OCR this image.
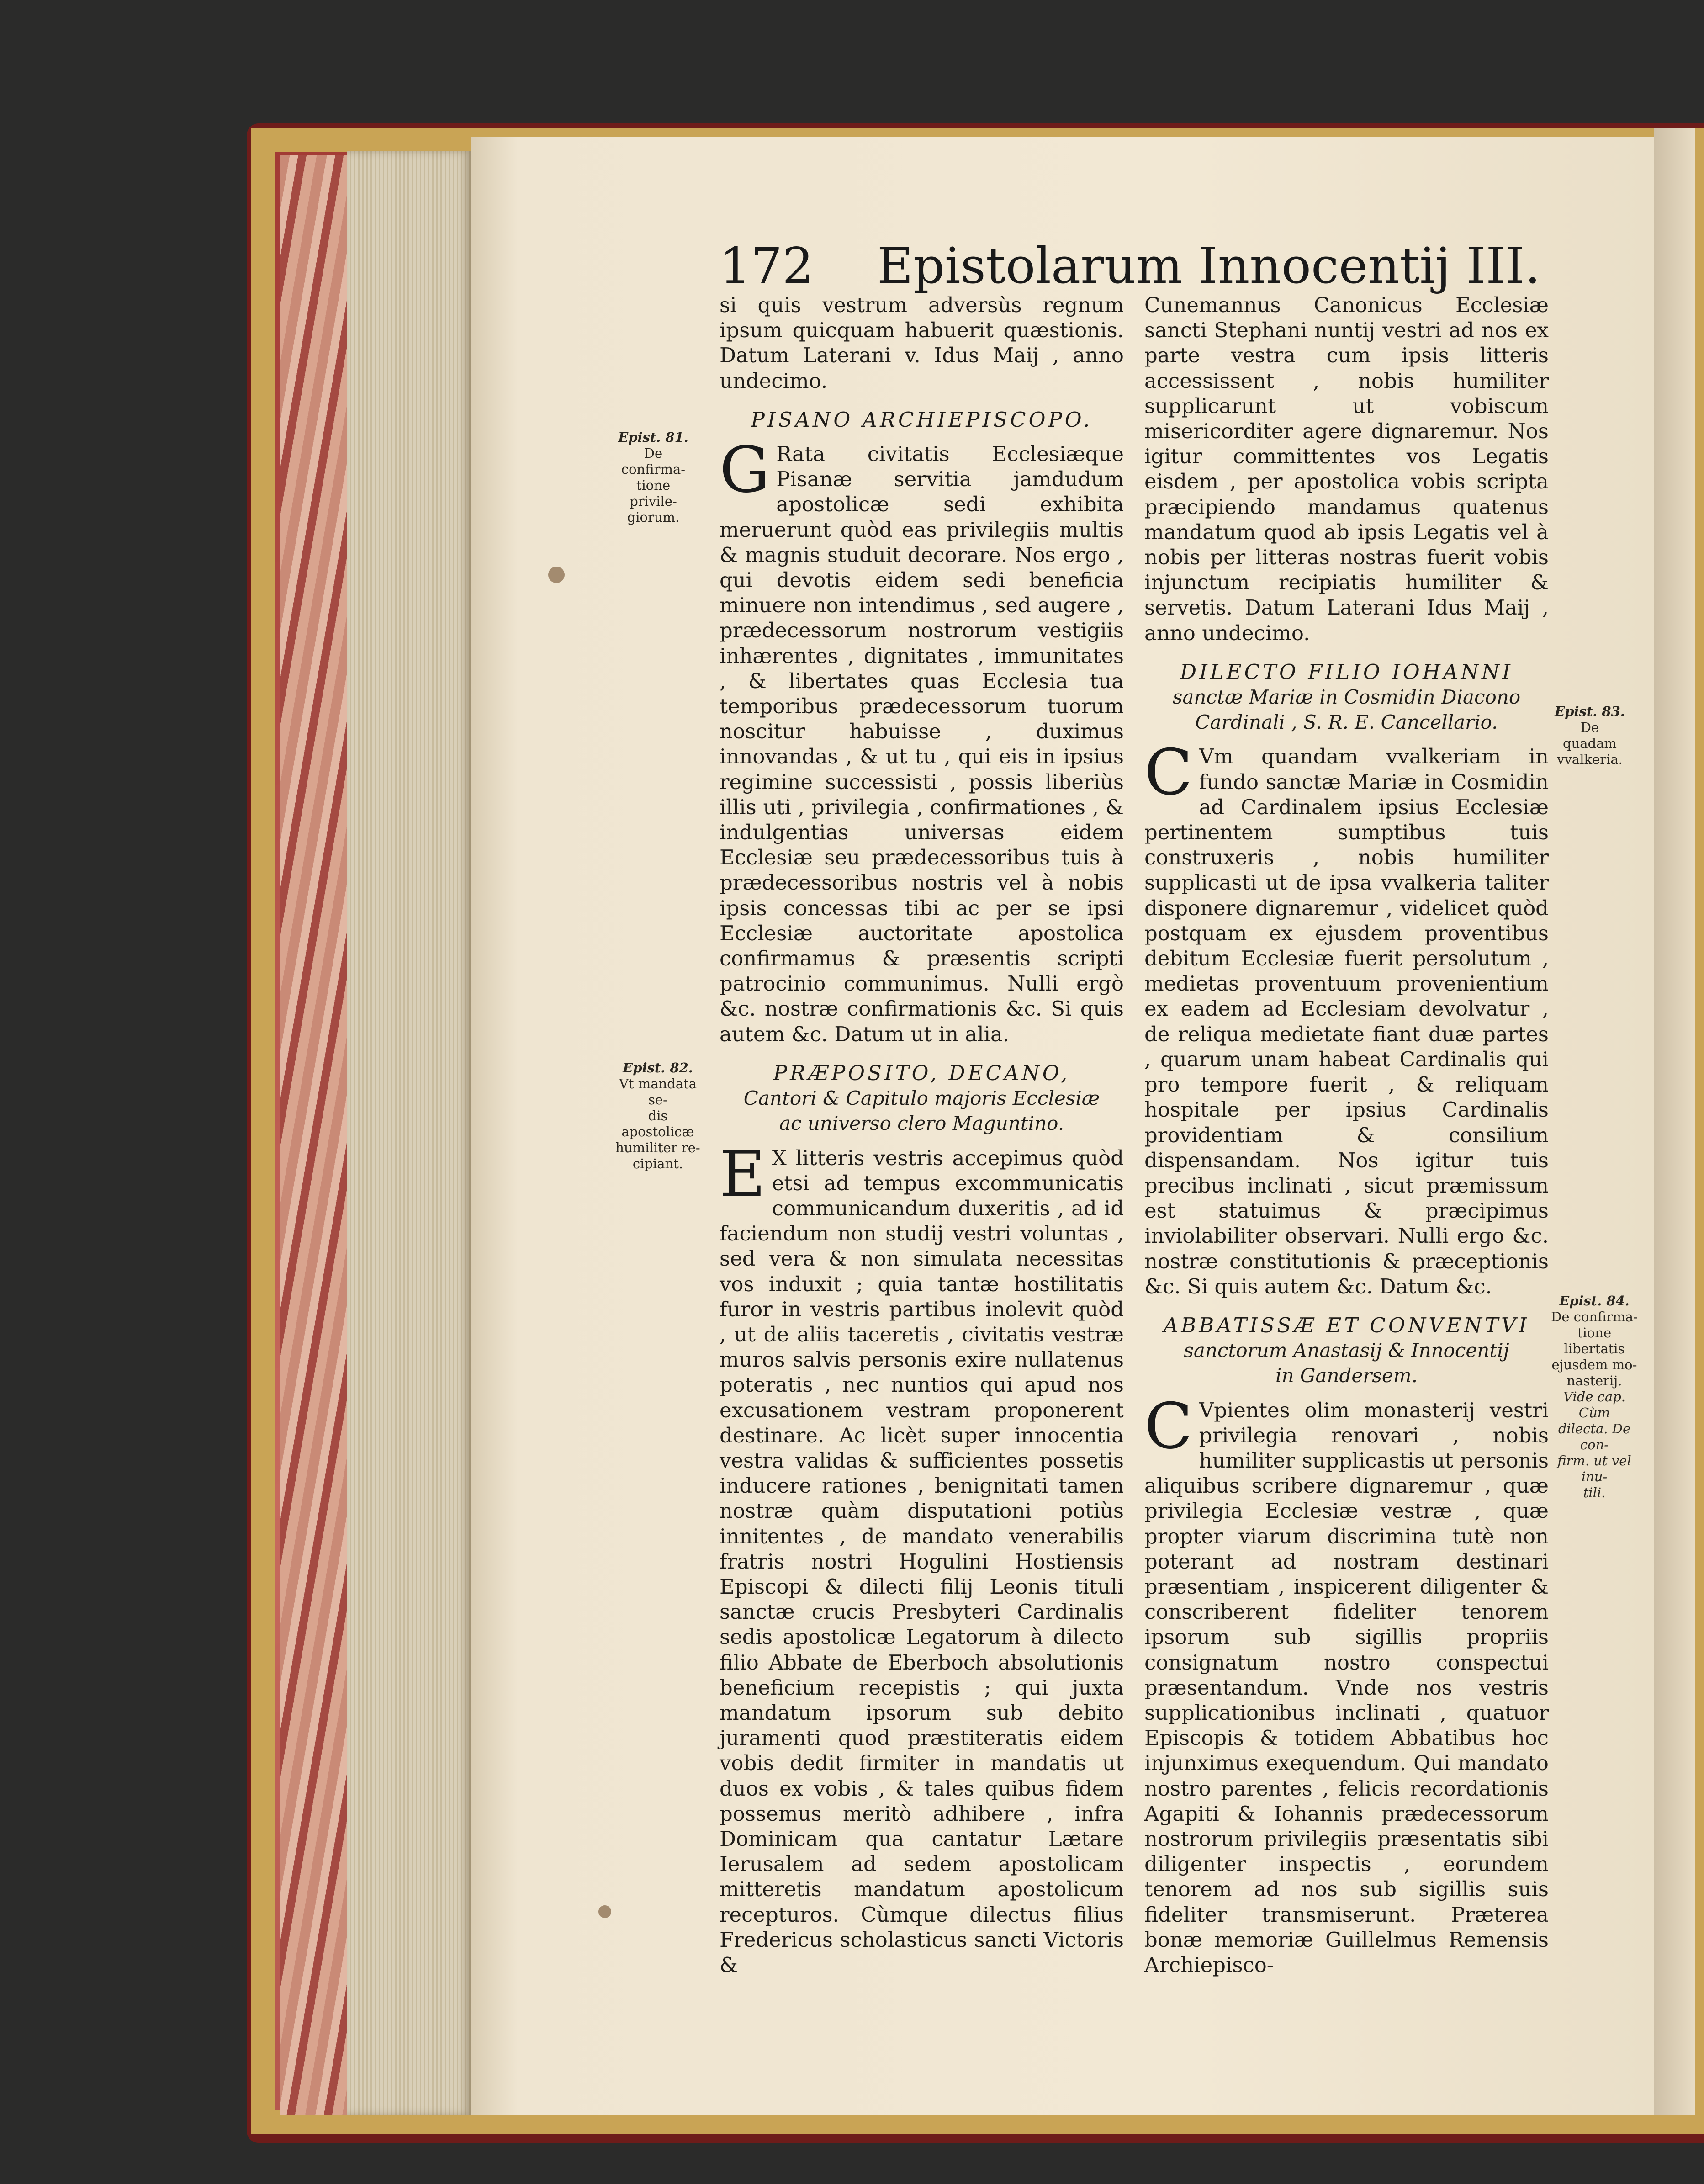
172 Epistolarum Innocentij III.

si quis vestrum adversùs regnum ipsum quicquam habuerit quæstionis. Datum Laterani v. Idus Maij , anno undecimo.

PISANO ARCHIEPISCOPO.

G Rata civitatis Ecclesiæque Pisanæ servitia jamdudum apostolicæ sedi exhibita meruerunt quòd eas privilegiis multis & magnis studuit decorare. Nos ergo , qui devotis eidem sedi beneficia minuere non intendimus , sed augere , prædecessorum nostrorum vestigiis inhærentes , dignitates , immunitates , & libertates quas Ecclesia tua temporibus prædecessorum tuorum noscitur habuisse , duximus innovandas , & ut tu , qui eis in ipsius regimine successisti , possis liberiùs illis uti , privilegia , confirmationes , & indulgentias universas eidem Ecclesiæ seu prædecessoribus tuis à prædecessoribus nostris vel à nobis ipsis concessas tibi ac per se ipsi Ecclesiæ auctoritate apostolica confirmamus & præsentis scripti patrocinio communimus. Nulli ergò &c. nostræ confirmationis &c. Si quis autem &c. Datum ut in alia.

PRÆPOSITO, DECANO,
Cantori & Capitulo majoris Ecclesiæ
ac universo clero Maguntino.

E X litteris vestris accepimus quòd etsi ad tempus excommunicatis communicandum duxeritis , ad id faciendum non studij vestri voluntas , sed vera & non simulata necessitas vos induxit ; quia tantæ hostilitatis furor in vestris partibus inolevit quòd , ut de aliis taceretis , civitatis vestræ muros salvis personis exire nullatenus poteratis , nec nuntios qui apud nos excusationem vestram proponerent destinare. Ac licèt super innocentia vestra validas & sufficientes possetis inducere rationes , benignitati tamen nostræ quàm disputationi potiùs innitentes , de mandato venerabilis fratris nostri Hogulini Hostiensis Episcopi & dilecti filij Leonis tituli sanctæ crucis Presbyteri Cardinalis sedis apostolicæ Legatorum à dilecto filio Abbate de Eberboch absolutionis beneficium recepistis ; qui juxta mandatum ipsorum sub debito juramenti quod præstiteratis eidem vobis dedit firmiter in mandatis ut duos ex vobis , & tales quibus fidem possemus meritò adhibere , infra Dominicam qua cantatur Lætare Ierusalem ad sedem apostolicam mitteretis mandatum apostolicum recepturos. Cùmque dilectus filius Fredericus scholasticus sancti Victoris &

Cunemannus Canonicus Ecclesiæ sancti Stephani nuntij vestri ad nos ex parte vestra cum ipsis litteris accessissent , nobis humiliter supplicarunt ut vobiscum misericorditer agere dignaremur. Nos igitur committentes vos Legatis eisdem , per apostolica vobis scripta præcipiendo mandamus quatenus mandatum quod ab ipsis Legatis vel à nobis per litteras nostras fuerit vobis injunctum recipiatis humiliter & servetis. Datum Laterani Idus Maij , anno undecimo.

DILECTO FILIO IOHANNI
sanctæ Mariæ in Cosmidin Diacono Cardinali , S. R. E. Cancellario.

C Vm quandam vvalkeriam in fundo sanctæ Mariæ in Cosmidin ad Cardinalem ipsius Ecclesiæ pertinentem sumptibus tuis construxeris , nobis humiliter supplicasti ut de ipsa vvalkeria taliter disponere dignaremur , videlicet quòd postquam ex ejusdem proventibus debitum Ecclesiæ fuerit persolutum , medietas proventuum provenientium ex eadem ad Ecclesiam devolvatur , de reliqua medietate fiant duæ partes , quarum unam habeat Cardinalis qui pro tempore fuerit , & reliquam hospitale per ipsius Cardinalis providentiam & consilium dispensandam. Nos igitur tuis precibus inclinati , sicut præmissum est statuimus & præcipimus inviolabiliter observari. Nulli ergo &c. nostræ constitutionis & præceptionis &c. Si quis autem &c. Datum &c.

ABBATISSÆ ET CONVENTVI
sanctorum Anastasij & Innocentij
in Gandersem.

C Vpientes olim monasterij vestri privilegia renovari , nobis humiliter supplicastis ut personis aliquibus scribere dignaremur , quæ privilegia Ecclesiæ vestræ , quæ propter viarum discrimina tutè non poterant ad nostram destinari præsentiam , inspicerent diligenter & conscriberent fideliter tenorem ipsorum sub sigillis propriis consignatum nostro conspectui præsentandum. Vnde nos vestris supplicationibus inclinati , quatuor Episcopis & totidem Abbatibus hoc injunximus exequendum. Qui mandato nostro parentes , felicis recordationis Agapiti & Iohannis prædecessorum nostrorum privilegiis præsentatis sibi diligenter inspectis , eorundem tenorem ad nos sub sigillis suis fideliter transmiserunt. Præterea bonæ memoriæ Guillelmus Remensis Archiepisco-

Epist. 81.
De confirma-
tione privile-
giorum.
Epist. 82.
Vt mandata se-
dis apostolicæ
humiliter re-
cipiant.
Epist. 83.
De quadam
vvalkeria.
Epist. 84.
De confirma-
tione libertatis
ejusdem mo-
nasterij.
Vide cap. Cùm
dilecta. De con-
firm. ut vel inu-
tili.
